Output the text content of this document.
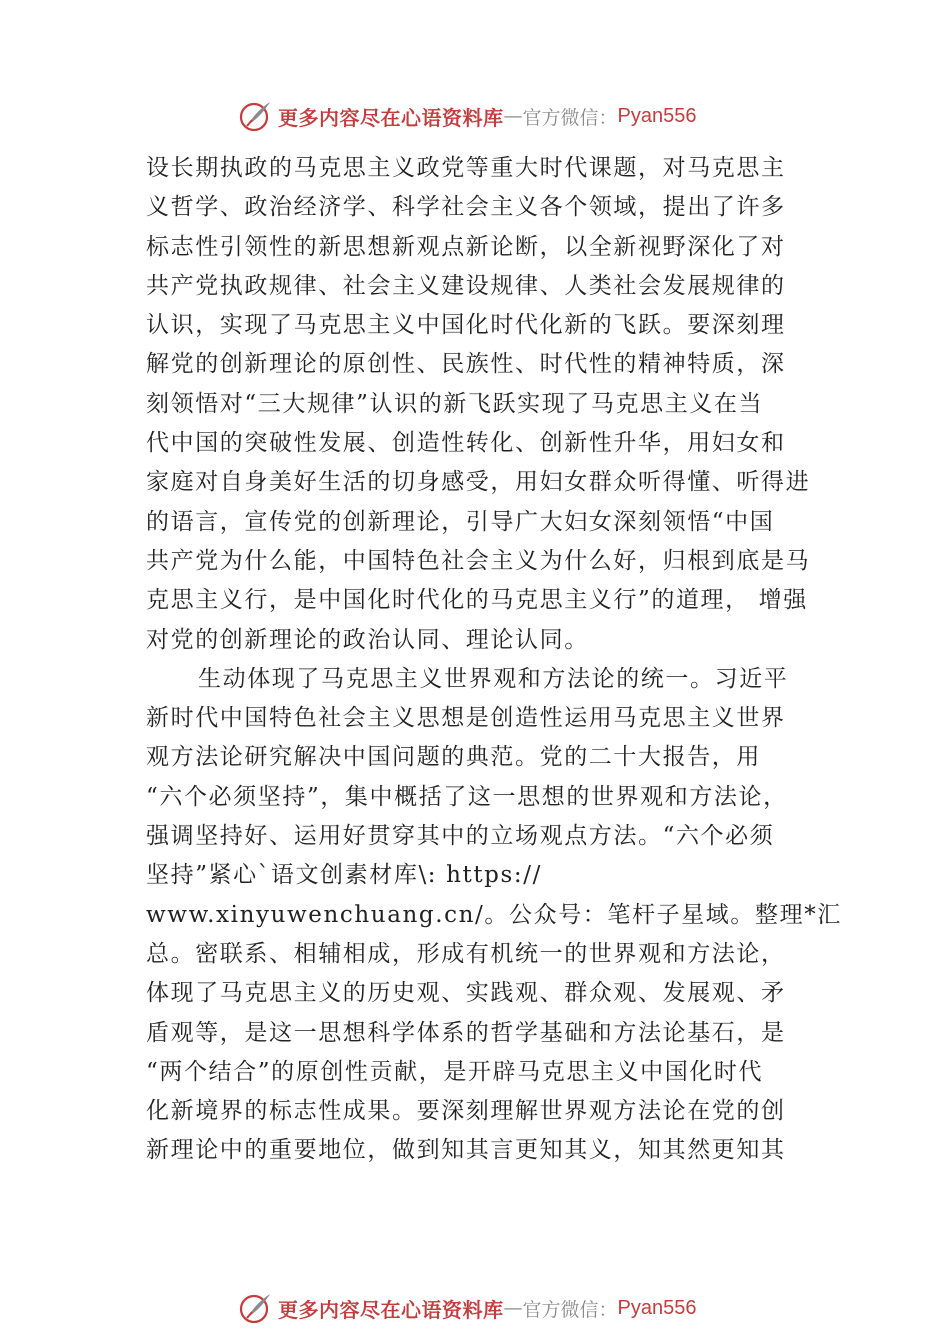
更多内容尽在心语资料库 — 官方微信： Pyan556
设长期执政的马克思主义政党等重大时代课题，对马克思主
义哲学、政治经济学、科学社会主义各个领域，提出了许多
标志性引领性的新思想新观点新论断，以全新视野深化了对
共产党执政规律、社会主义建设规律、人类社会发展规律的
认识，实现了马克思主义中国化时代化新的飞跃。要深刻理
解党的创新理论的原创性、民族性、时代性的精神特质，深
刻领悟对“三大规律”认识的新飞跃实现了马克思主义在当
代中国的突破性发展、创造性转化、创新性升华，用妇女和
家庭对自身美好生活的切身感受，用妇女群众听得懂、听得进
的语言，宣传党的创新理论，引导广大妇女深刻领悟“中国
共产党为什么能，中国特色社会主义为什么好，归根到底是马
克思主义行，是中国化时代化的马克思主义行”的道理， 增强
对党的创新理论的政治认同、理论认同。
生动体现了马克思主义世界观和方法论的统一。习近平
新时代中国特色社会主义思想是创造性运用马克思主义世界
观方法论研究解决中国问题的典范。党的二十大报告，用
“六个必须坚持”，集中概括了这一思想的世界观和方法论，
强调坚持好、运用好贯穿其中的立场观点方法。“六个必须
坚持”紧心`语文创素材库\: https://
www.xinyuwenchuang.cn/。公众号：笔杆子星域。整理*汇
总。密联系、相辅相成，形成有机统一的世界观和方法论，
体现了马克思主义的历史观、实践观、群众观、发展观、矛
盾观等，是这一思想科学体系的哲学基础和方法论基石，是
“两个结合”的原创性贡献，是开辟马克思主义中国化时代
化新境界的标志性成果。要深刻理解世界观方法论在党的创
新理论中的重要地位，做到知其言更知其义，知其然更知其
更多内容尽在心语资料库 — 官方微信： Pyan556
